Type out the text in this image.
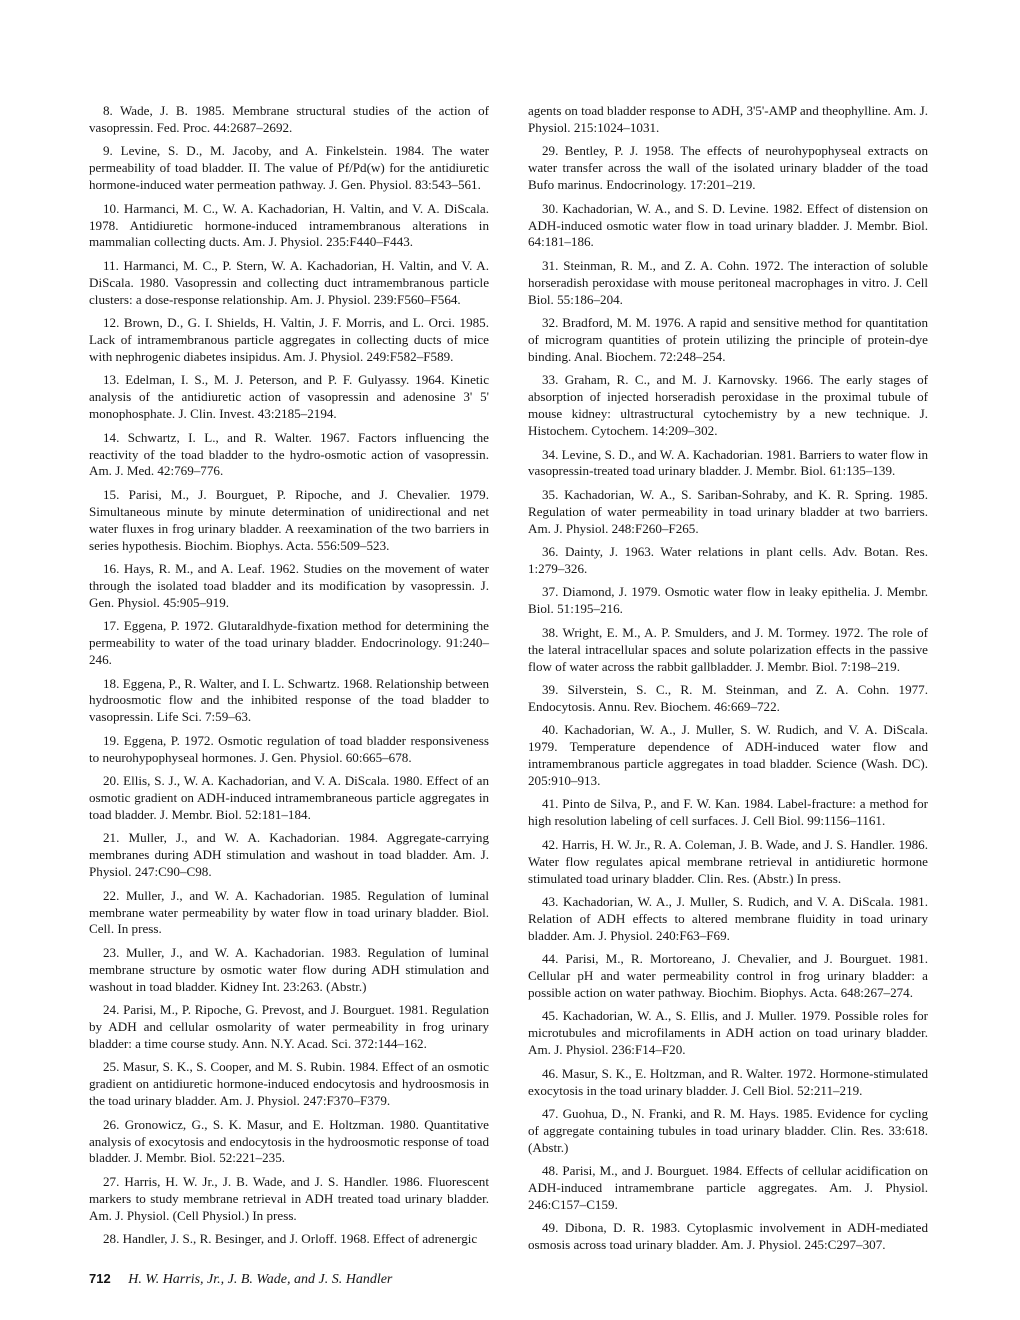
8. Wade, J. B. 1985. Membrane structural studies of the action of vasopressin. Fed. Proc. 44:2687–2692.

9. Levine, S. D., M. Jacoby, and A. Finkelstein. 1984. The water permeability of toad bladder. II. The value of Pf/Pd(w) for the antidiuretic hormone-induced water permeation pathway. J. Gen. Physiol. 83:543–561.

10. Harmanci, M. C., W. A. Kachadorian, H. Valtin, and V. A. DiScala. 1978. Antidiuretic hormone-induced intramembranous alterations in mammalian collecting ducts. Am. J. Physiol. 235:F440–F443.

11. Harmanci, M. C., P. Stern, W. A. Kachadorian, H. Valtin, and V. A. DiScala. 1980. Vasopressin and collecting duct intramembranous particle clusters: a dose-response relationship. Am. J. Physiol. 239:F560–F564.

12. Brown, D., G. I. Shields, H. Valtin, J. F. Morris, and L. Orci. 1985. Lack of intramembranous particle aggregates in collecting ducts of mice with nephrogenic diabetes insipidus. Am. J. Physiol. 249:F582–F589.

13. Edelman, I. S., M. J. Peterson, and P. F. Gulyassy. 1964. Kinetic analysis of the antidiuretic action of vasopressin and adenosine 3' 5' monophosphate. J. Clin. Invest. 43:2185–2194.

14. Schwartz, I. L., and R. Walter. 1967. Factors influencing the reactivity of the toad bladder to the hydro-osmotic action of vasopressin. Am. J. Med. 42:769–776.

15. Parisi, M., J. Bourguet, P. Ripoche, and J. Chevalier. 1979. Simultaneous minute by minute determination of unidirectional and net water fluxes in frog urinary bladder. A reexamination of the two barriers in series hypothesis. Biochim. Biophys. Acta. 556:509–523.

16. Hays, R. M., and A. Leaf. 1962. Studies on the movement of water through the isolated toad bladder and its modification by vasopressin. J. Gen. Physiol. 45:905–919.

17. Eggena, P. 1972. Glutaraldhyde-fixation method for determining the permeability to water of the toad urinary bladder. Endocrinology. 91:240–246.

18. Eggena, P., R. Walter, and I. L. Schwartz. 1968. Relationship between hydroosmotic flow and the inhibited response of the toad bladder to vasopressin. Life Sci. 7:59–63.

19. Eggena, P. 1972. Osmotic regulation of toad bladder responsiveness to neurohypophyseal hormones. J. Gen. Physiol. 60:665–678.

20. Ellis, S. J., W. A. Kachadorian, and V. A. DiScala. 1980. Effect of an osmotic gradient on ADH-induced intramembraneous particle aggregates in toad bladder. J. Membr. Biol. 52:181–184.

21. Muller, J., and W. A. Kachadorian. 1984. Aggregate-carrying membranes during ADH stimulation and washout in toad bladder. Am. J. Physiol. 247:C90–C98.

22. Muller, J., and W. A. Kachadorian. 1985. Regulation of luminal membrane water permeability by water flow in toad urinary bladder. Biol. Cell. In press.

23. Muller, J., and W. A. Kachadorian. 1983. Regulation of luminal membrane structure by osmotic water flow during ADH stimulation and washout in toad bladder. Kidney Int. 23:263. (Abstr.)

24. Parisi, M., P. Ripoche, G. Prevost, and J. Bourguet. 1981. Regulation by ADH and cellular osmolarity of water permeability in frog urinary bladder: a time course study. Ann. N.Y. Acad. Sci. 372:144–162.

25. Masur, S. K., S. Cooper, and M. S. Rubin. 1984. Effect of an osmotic gradient on antidiuretic hormone-induced endocytosis and hydroosmosis in the toad urinary bladder. Am. J. Physiol. 247:F370–F379.

26. Gronowicz, G., S. K. Masur, and E. Holtzman. 1980. Quantitative analysis of exocytosis and endocytosis in the hydroosmotic response of toad bladder. J. Membr. Biol. 52:221–235.

27. Harris, H. W. Jr., J. B. Wade, and J. S. Handler. 1986. Fluorescent markers to study membrane retrieval in ADH treated toad urinary bladder. Am. J. Physiol. (Cell Physiol.) In press.

28. Handler, J. S., R. Besinger, and J. Orloff. 1968. Effect of adrenergic

agents on toad bladder response to ADH, 3'5'-AMP and theophylline. Am. J. Physiol. 215:1024–1031.

29. Bentley, P. J. 1958. The effects of neurohypophyseal extracts on water transfer across the wall of the isolated urinary bladder of the toad Bufo marinus. Endocrinology. 17:201–219.

30. Kachadorian, W. A., and S. D. Levine. 1982. Effect of distension on ADH-induced osmotic water flow in toad urinary bladder. J. Membr. Biol. 64:181–186.

31. Steinman, R. M., and Z. A. Cohn. 1972. The interaction of soluble horseradish peroxidase with mouse peritoneal macrophages in vitro. J. Cell Biol. 55:186–204.

32. Bradford, M. M. 1976. A rapid and sensitive method for quantitation of microgram quantities of protein utilizing the principle of protein-dye binding. Anal. Biochem. 72:248–254.

33. Graham, R. C., and M. J. Karnovsky. 1966. The early stages of absorption of injected horseradish peroxidase in the proximal tubule of mouse kidney: ultrastructural cytochemistry by a new technique. J. Histochem. Cytochem. 14:209–302.

34. Levine, S. D., and W. A. Kachadorian. 1981. Barriers to water flow in vasopressin-treated toad urinary bladder. J. Membr. Biol. 61:135–139.

35. Kachadorian, W. A., S. Sariban-Sohraby, and K. R. Spring. 1985. Regulation of water permeability in toad urinary bladder at two barriers. Am. J. Physiol. 248:F260–F265.

36. Dainty, J. 1963. Water relations in plant cells. Adv. Botan. Res. 1:279–326.

37. Diamond, J. 1979. Osmotic water flow in leaky epithelia. J. Membr. Biol. 51:195–216.

38. Wright, E. M., A. P. Smulders, and J. M. Tormey. 1972. The role of the lateral intracellular spaces and solute polarization effects in the passive flow of water across the rabbit gallbladder. J. Membr. Biol. 7:198–219.

39. Silverstein, S. C., R. M. Steinman, and Z. A. Cohn. 1977. Endocytosis. Annu. Rev. Biochem. 46:669–722.

40. Kachadorian, W. A., J. Muller, S. W. Rudich, and V. A. DiScala. 1979. Temperature dependence of ADH-induced water flow and intramembranous particle aggregates in toad bladder. Science (Wash. DC). 205:910–913.

41. Pinto de Silva, P., and F. W. Kan. 1984. Label-fracture: a method for high resolution labeling of cell surfaces. J. Cell Biol. 99:1156–1161.

42. Harris, H. W. Jr., R. A. Coleman, J. B. Wade, and J. S. Handler. 1986. Water flow regulates apical membrane retrieval in antidiuretic hormone stimulated toad urinary bladder. Clin. Res. (Abstr.) In press.

43. Kachadorian, W. A., J. Muller, S. Rudich, and V. A. DiScala. 1981. Relation of ADH effects to altered membrane fluidity in toad urinary bladder. Am. J. Physiol. 240:F63–F69.

44. Parisi, M., R. Mortoreano, J. Chevalier, and J. Bourguet. 1981. Cellular pH and water permeability control in frog urinary bladder: a possible action on water pathway. Biochim. Biophys. Acta. 648:267–274.

45. Kachadorian, W. A., S. Ellis, and J. Muller. 1979. Possible roles for microtubules and microfilaments in ADH action on toad urinary bladder. Am. J. Physiol. 236:F14–F20.

46. Masur, S. K., E. Holtzman, and R. Walter. 1972. Hormone-stimulated exocytosis in the toad urinary bladder. J. Cell Biol. 52:211–219.

47. Guohua, D., N. Franki, and R. M. Hays. 1985. Evidence for cycling of aggregate containing tubules in toad urinary bladder. Clin. Res. 33:618. (Abstr.)

48. Parisi, M., and J. Bourguet. 1984. Effects of cellular acidification on ADH-induced intramembrane particle aggregates. Am. J. Physiol. 246:C157–C159.

49. Dibona, D. R. 1983. Cytoplasmic involvement in ADH-mediated osmosis across toad urinary bladder. Am. J. Physiol. 245:C297–307.

712 H. W. Harris, Jr., J. B. Wade, and J. S. Handler
